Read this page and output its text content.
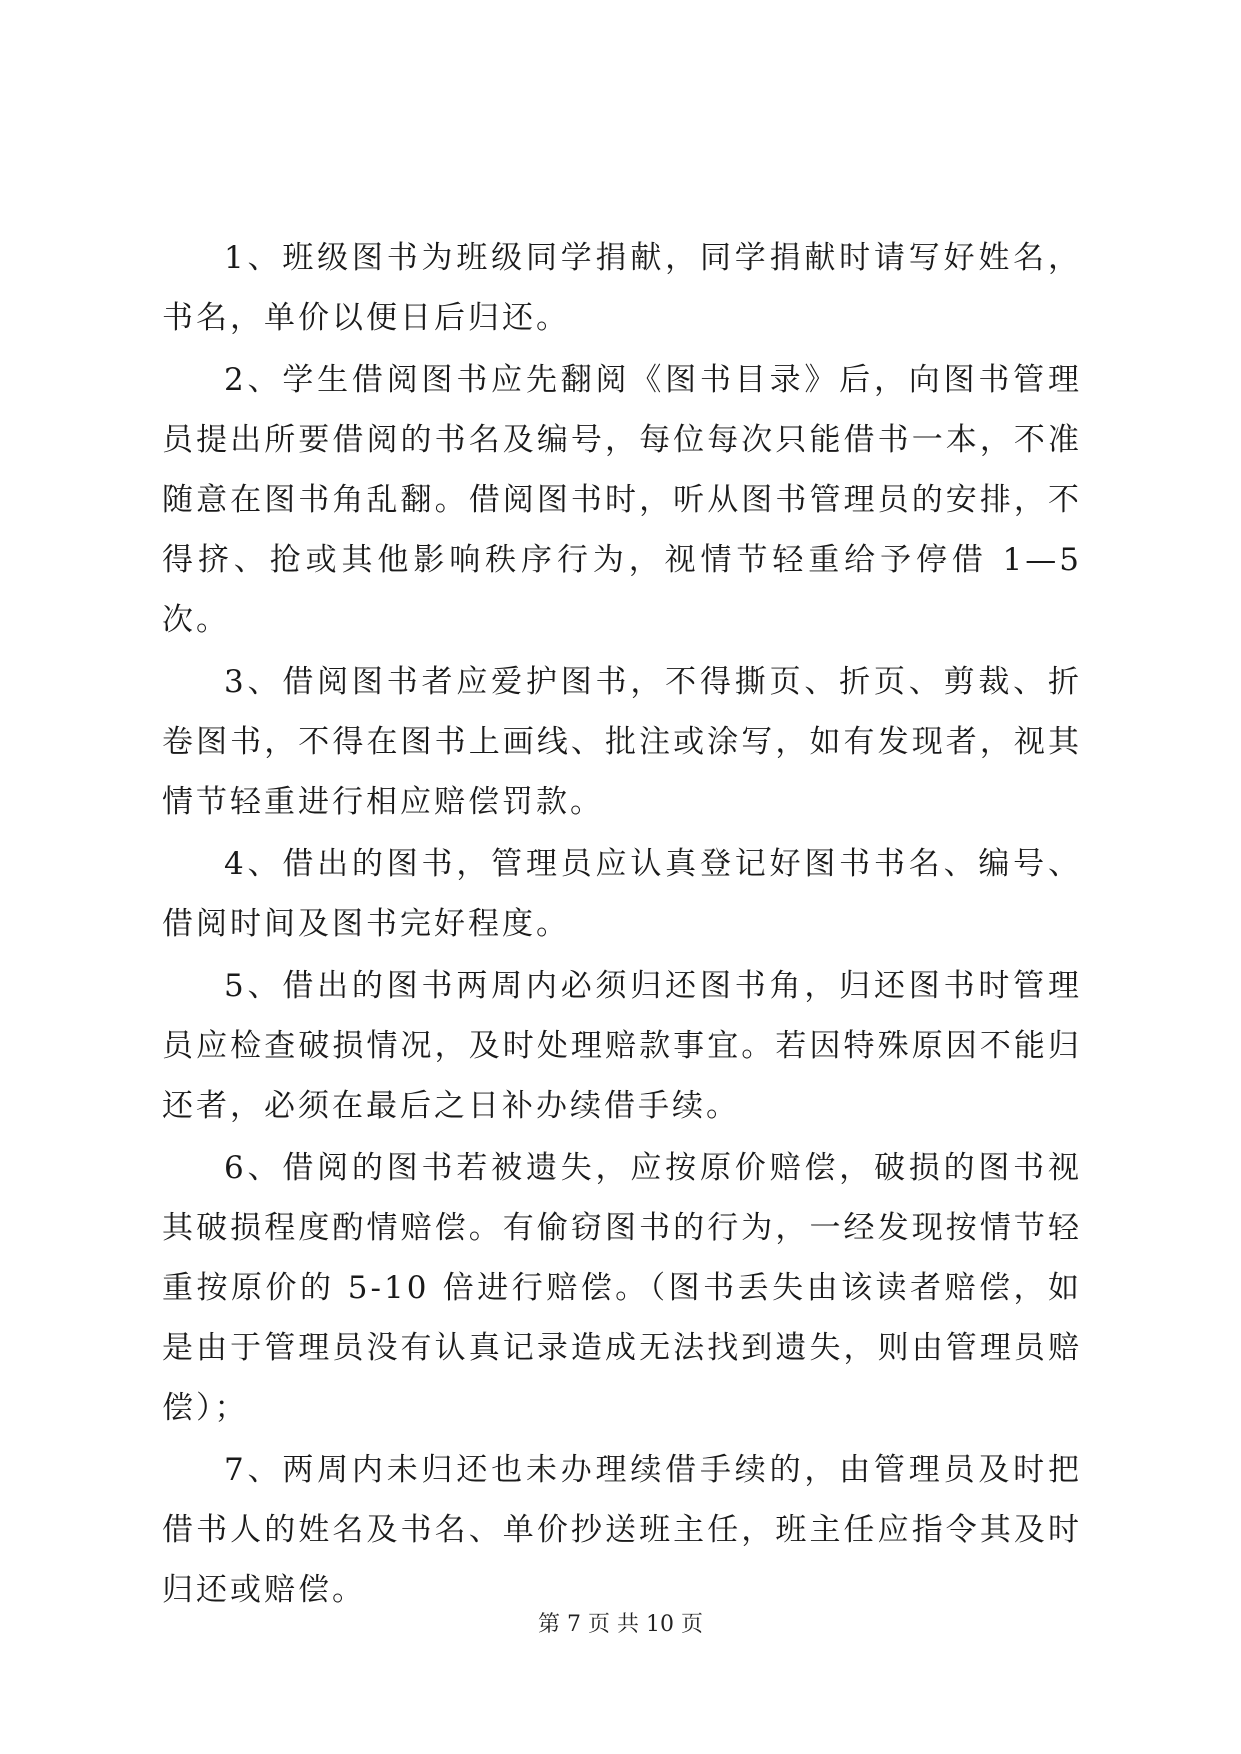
1、班级图书为班级同学捐献，同学捐献时请写好姓名，书名，单价以便日后归还。

2、学生借阅图书应先翻阅《图书目录》后，向图书管理员提出所要借阅的书名及编号，每位每次只能借书一本，不准随意在图书角乱翻。借阅图书时，听从图书管理员的安排，不得挤、抢或其他影响秩序行为，视情节轻重给予停借 1—5 次。

3、借阅图书者应爱护图书，不得撕页、折页、剪裁、折卷图书，不得在图书上画线、批注或涂写，如有发现者，视其情节轻重进行相应赔偿罚款。

4、借出的图书，管理员应认真登记好图书书名、编号、借阅时间及图书完好程度。

5、借出的图书两周内必须归还图书角，归还图书时管理员应检查破损情况，及时处理赔款事宜。若因特殊原因不能归还者，必须在最后之日补办续借手续。

6、借阅的图书若被遗失，应按原价赔偿，破损的图书视其破损程度酌情赔偿。有偷窃图书的行为，一经发现按情节轻重按原价的 5-10 倍进行赔偿。（图书丢失由该读者赔偿，如是由于管理员没有认真记录造成无法找到遗失，则由管理员赔偿）；

7、两周内未归还也未办理续借手续的，由管理员及时把借书人的姓名及书名、单价抄送班主任，班主任应指令其及时归还或赔偿。

第 7 页 共 10 页
